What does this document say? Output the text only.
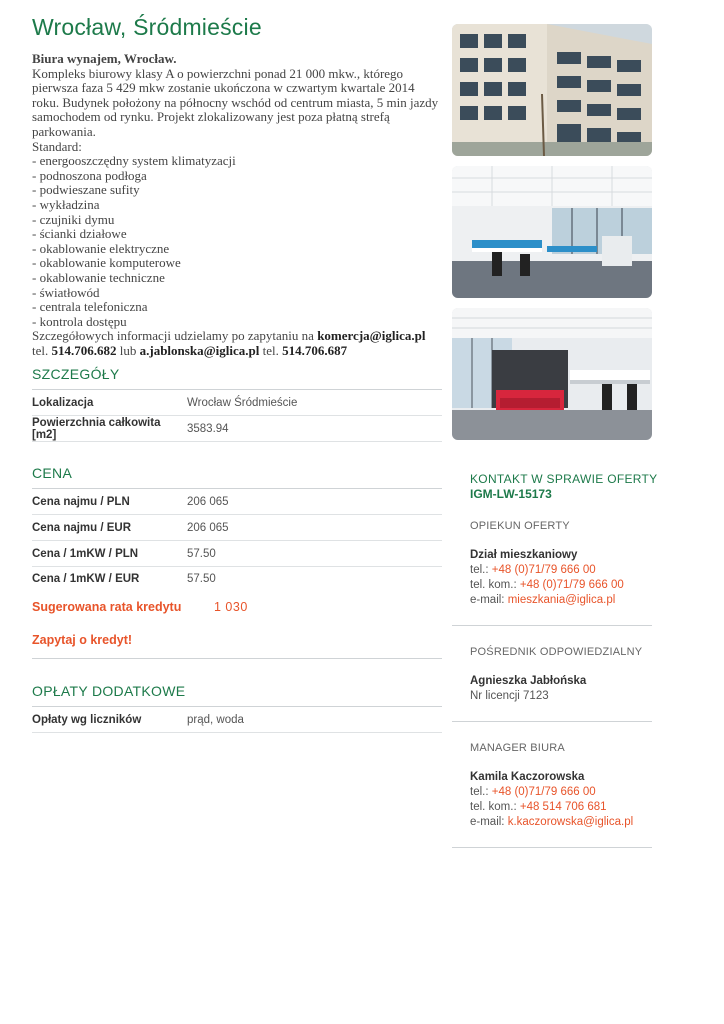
Wrocław, Śródmieście
Biura wynajem, Wrocław.
Kompleks biurowy klasy A o powierzchni ponad 21 000 mkw., którego pierwsza faza 5 429 mkw zostanie ukończona w czwartym kwartale 2014 roku. Budynek położony na północny wschód od centrum miasta, 5 min jazdy samochodem od rynku. Projekt zlokalizowany jest poza płatną strefą parkowania.
Standard:
- energooszczędny system klimatyzacji
- podnoszona podłoga
- podwieszane sufity
- wykładzina
- czujniki dymu
- ścianki działowe
- okablowanie elektryczne
- okablowanie komputerowe
- okablowanie techniczne
- światłowód
- centrala telefoniczna
- kontrola dostępu
Szczegółowych informacji udzielamy po zapytaniu na komercja@iglica.pl tel. 514.706.682 lub a.jablonska@iglica.pl tel. 514.706.687
SZCZEGÓŁY
Lokalizacja	Wrocław Śródmieście
Powierzchnia całkowita [m2]	3583.94
CENA
Cena najmu / PLN	206 065
Cena najmu / EUR	206 065
Cena / 1mKW / PLN	57.50
Cena / 1mKW / EUR	57.50
Sugerowana rata kredytu	1 030
Zapytaj o kredyt!
OPŁATY DODATKOWE
Opłaty wg liczników	prąd, woda
KONTAKT W SPRAWIE OFERTY
IGM-LW-15173
OPIEKUN OFERTY
Dział mieszkaniowy
tel.: +48 (0)71/79 666 00
tel. kom.: +48 (0)71/79 666 00
e-mail: mieszkania@iglica.pl
POŚREDNIK ODPOWIEDZIALNY
Agnieszka Jabłońska
Nr licencji 7123
MANAGER BIURA
Kamila Kaczorowska
tel.: +48 (0)71/79 666 00
tel. kom.: +48 514 706 681
e-mail: k.kaczorowska@iglica.pl
